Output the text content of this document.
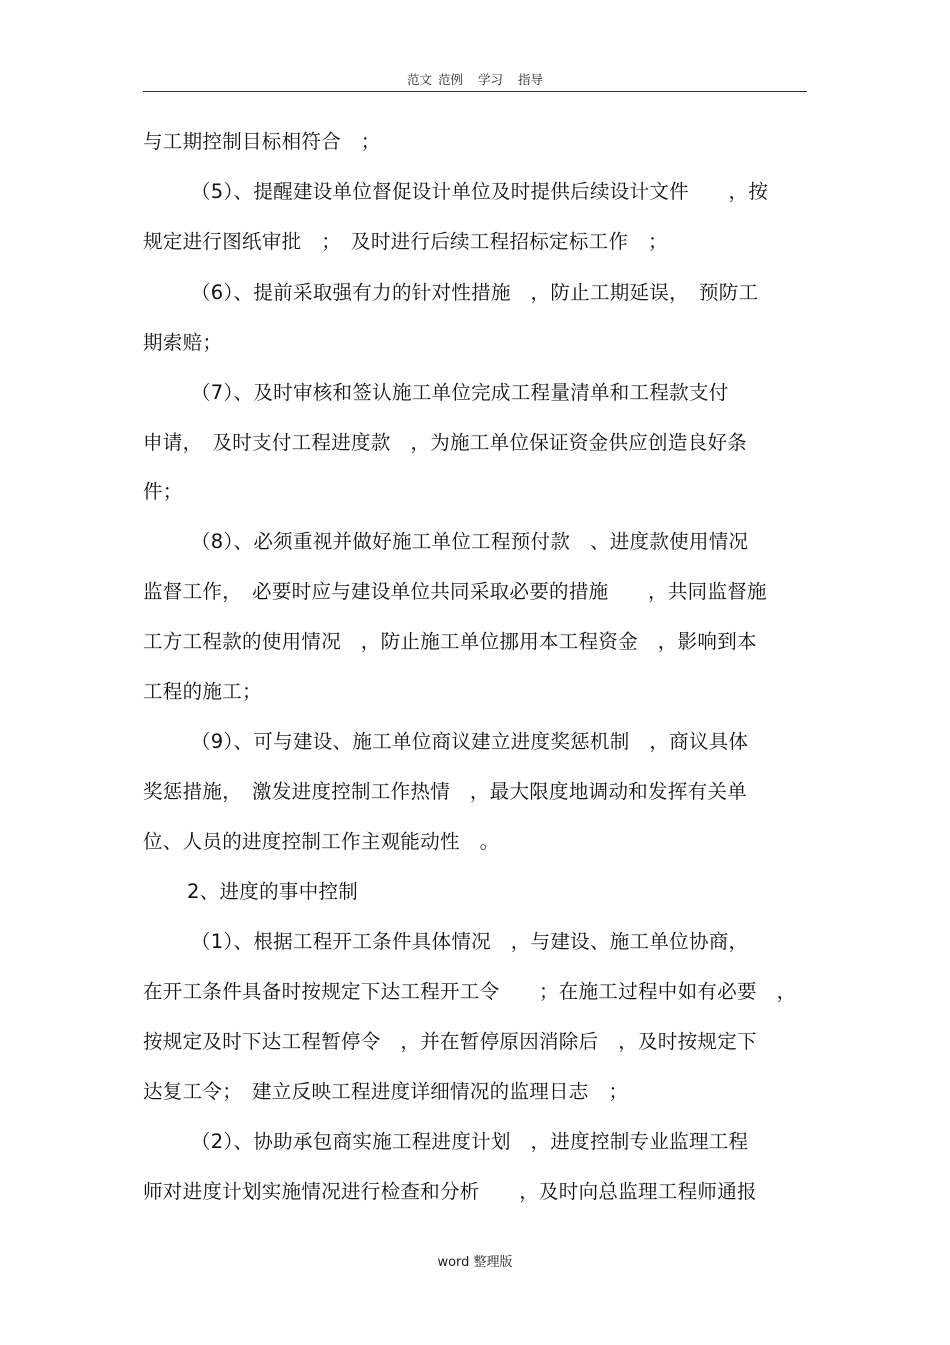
范文 范例 学习 指导
与工期控制目标相符合　；
（5）、提醒建设单位督促设计单位及时提供后续设计文件　　，按
规定进行图纸审批　；　及时进行后续工程招标定标工作　；
（6）、提前采取强有力的针对性措施　，防止工期延误，　预防工
期索赔；
（7）、及时审核和签认施工单位完成工程量清单和工程款支付
申请，　及时支付工程进度款　，为施工单位保证资金供应创造良好条
件；
（8）、必须重视并做好施工单位工程预付款　、进度款使用情况
监督工作，　必要时应与建设单位共同采取必要的措施　　，共同监督施
工方工程款的使用情况　，防止施工单位挪用本工程资金　，影响到本
工程的施工；
（9）、可与建设、施工单位商议建立进度奖惩机制　，商议具体
奖惩措施，　激发进度控制工作热情　，最大限度地调动和发挥有关单
位、人员的进度控制工作主观能动性　。
2、进度的事中控制
（1）、根据工程开工条件具体情况　，与建设、施工单位协商，
在开工条件具备时按规定下达工程开工令　　；在施工过程中如有必要　，
按规定及时下达工程暂停令　，并在暂停原因消除后　，及时按规定下
达复工令；　建立反映工程进度详细情况的监理日志　；
（2）、协助承包商实施工程进度计划　，进度控制专业监理工程
师对进度计划实施情况进行检查和分析　　，及时向总监理工程师通报
word 整理版
